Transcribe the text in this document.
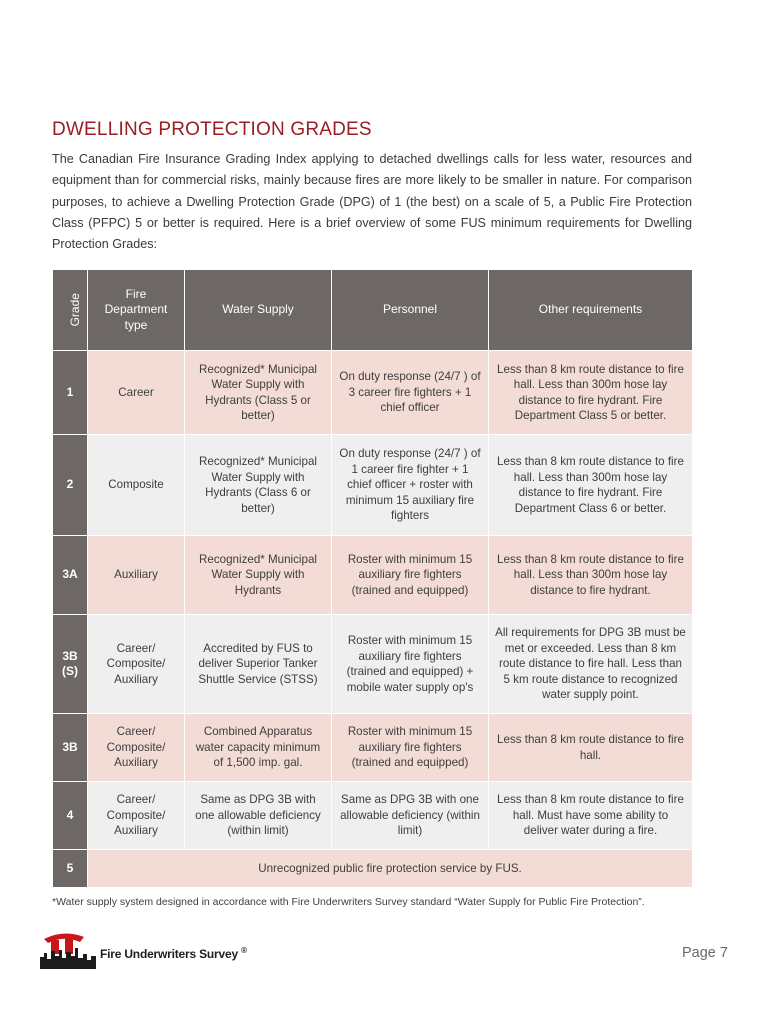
DWELLING PROTECTION GRADES
The Canadian Fire Insurance Grading Index applying to detached dwellings calls for less water, resources and equipment than for commercial risks, mainly because fires are more likely to be smaller in nature. For comparison purposes, to achieve a Dwelling Protection Grade (DPG) of 1 (the best) on a scale of 5, a Public Fire Protection Class (PFPC) 5 or better is required. Here is a brief overview of some FUS minimum requirements for Dwelling Protection Grades:
Grade	Fire Department type	Water Supply	Personnel	Other requirements
1	Career	Recognized* Municipal Water Supply with Hydrants (Class 5 or better)	On duty response (24/7 ) of 3 career fire fighters + 1 chief officer	Less than 8 km route distance to fire hall. Less than 300m hose lay distance to fire hydrant. Fire Department Class 5 or better.
2	Composite	Recognized* Municipal Water Supply with Hydrants (Class 6 or better)	On duty response (24/7 ) of 1 career fire fighter + 1 chief officer + roster with minimum 15 auxiliary fire fighters	Less than 8 km route distance to fire hall. Less than 300m hose lay distance to fire hydrant. Fire Department Class 6 or better.
3A	Auxiliary	Recognized* Municipal Water Supply with Hydrants	Roster with minimum 15 auxiliary fire fighters (trained and equipped)	Less than 8 km route distance to fire hall. Less than 300m hose lay distance to fire hydrant.
3B (S)	Career/ Composite/ Auxiliary	Accredited by FUS to deliver Superior Tanker Shuttle Service (STSS)	Roster with minimum 15 auxiliary fire fighters (trained and equipped) + mobile water supply op's	All requirements for DPG 3B must be met or exceeded. Less than 8 km route distance to fire hall. Less than 5 km route distance to recognized water supply point.
3B	Career/ Composite/ Auxiliary	Combined Apparatus water capacity minimum of 1,500 imp. gal.	Roster with minimum 15 auxiliary fire fighters (trained and equipped)	Less than 8 km route distance to fire hall.
4	Career/ Composite/ Auxiliary	Same as DPG 3B with one allowable deficiency (within limit)	Same as DPG 3B with one allowable deficiency (within limit)	Less than 8 km route distance to fire hall. Must have some ability to deliver water during a fire.
5	Unrecognized public fire protection service by FUS.			
*Water supply system designed in accordance with Fire Underwriters Survey standard “Water Supply for Public Fire Protection”.
Fire Underwriters Survey ®	Page 7
